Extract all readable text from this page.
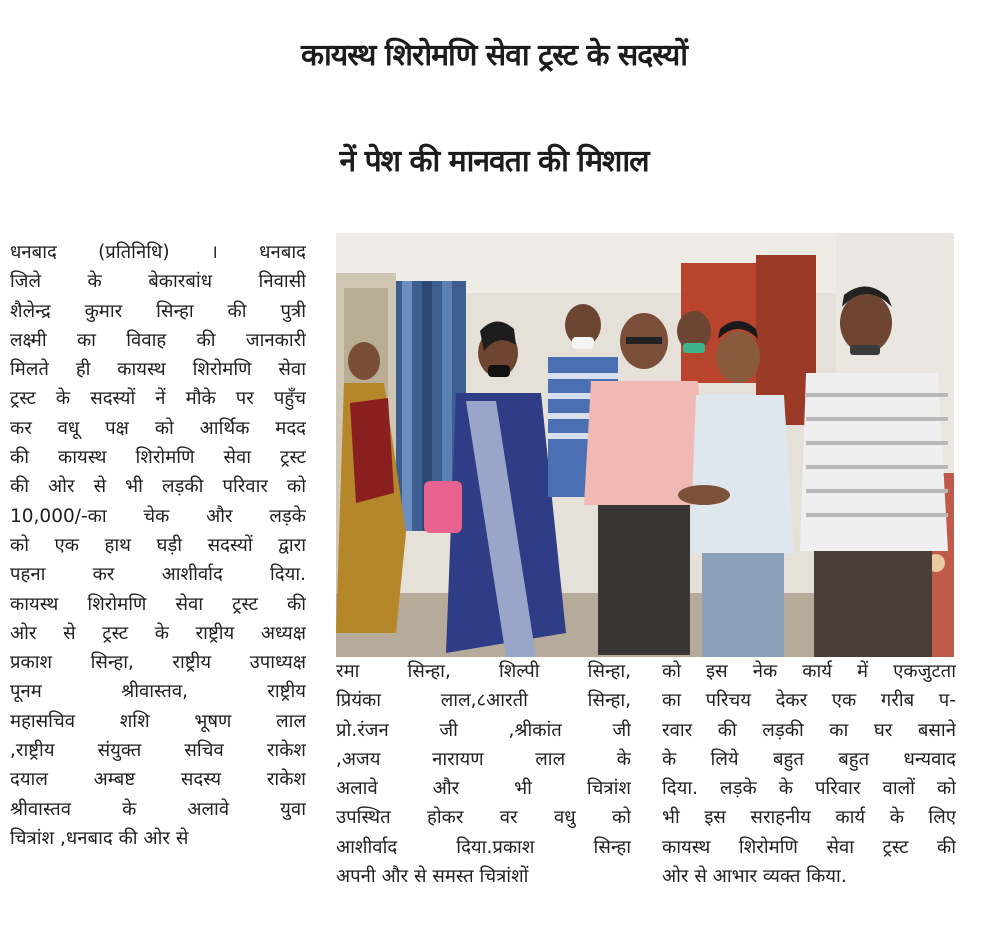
कायस्थ शिरोमणि सेवा ट्रस्ट के सदस्यों
नें पेश की मानवता की मिशाल
धनबाद (प्रतिनिधि) । धनबाद
जिले के बेकारबांध निवासी
शैलेन्द्र कुमार सिन्हा की पुत्री
लक्ष्मी का विवाह की जानकारी
मिलते ही कायस्थ शिरोमणि सेवा
ट्रस्ट के सदस्यों नें मौके पर पहुँच
कर वधू पक्ष को आर्थिक मदद
की कायस्थ शिरोमणि सेवा ट्रस्ट
की ओर से भी लड़की परिवार को
10,000/-का चेक और लड़के
को एक हाथ घड़ी सदस्यों द्वारा
पहना कर आशीर्वाद दिया.
कायस्थ शिरोमणि सेवा ट्रस्ट की
ओर से ट्रस्ट के राष्ट्रीय अध्यक्ष
प्रकाश सिन्हा, राष्ट्रीय उपाध्यक्ष
पूनम श्रीवास्तव, राष्ट्रीय
महासचिव शशि भूषण लाल
,राष्ट्रीय संयुक्त सचिव राकेश
दयाल अम्बष्ट सदस्य राकेश
श्रीवास्तव के अलावे युवा
चित्रांश ,धनबाद की ओर से
रमा सिन्हा, शिल्पी सिन्हा,
प्रियंका लाल,८आरती सिन्हा,
प्रो.रंजन जी ,श्रीकांत जी
,अजय नारायण लाल के
अलावे और भी चित्रांश
उपस्थित होकर वर वधु को
आशीर्वाद दिया.प्रकाश सिन्हा
अपनी और से समस्त चित्रांशों
को इस नेक कार्य में एकजुटता
का परिचय देकर एक गरीब प-
रवार की लड़की का घर बसाने
के लिये बहुत बहुत धन्यवाद
दिया. लड़के के परिवार वालों को
भी इस सराहनीय कार्य के लिए
कायस्थ शिरोमणि सेवा ट्रस्ट की
ओर से आभार व्यक्त किया.
